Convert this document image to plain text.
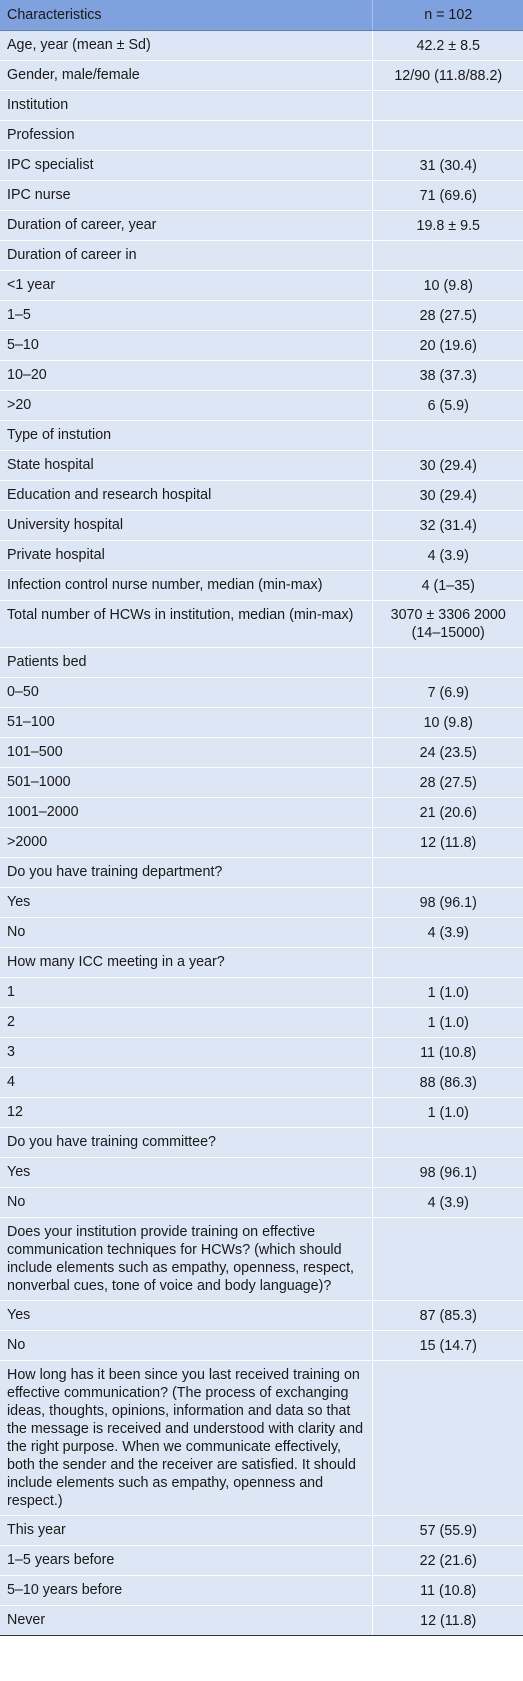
Characteristics	n = 102
Age, year (mean ± Sd)	42.2 ± 8.5
Gender, male/female	12/90 (11.8/88.2)
Institution	
Profession	
IPC specialist	31 (30.4)
IPC nurse	71 (69.6)
Duration of career, year	19.8 ± 9.5
Duration of career in	
<1 year	10 (9.8)
1–5	28 (27.5)
5–10	20 (19.6)
10–20	38 (37.3)
>20	6 (5.9)
Type of instution	
State hospital	30 (29.4)
Education and research hospital	30 (29.4)
University hospital	32 (31.4)
Private hospital	4 (3.9)
Infection control nurse number, median (min-max)	4 (1–35)
Total number of HCWs in institution, median (min-max)	3070 ± 3306 2000 (14–15000)
Patients bed	
0–50	7 (6.9)
51–100	10 (9.8)
101–500	24 (23.5)
501–1000	28 (27.5)
1001–2000	21 (20.6)
>2000	12 (11.8)
Do you have training department?	
Yes	98 (96.1)
No	4 (3.9)
How many ICC meeting in a year?	
1	1 (1.0)
2	1 (1.0)
3	11 (10.8)
4	88 (86.3)
12	1 (1.0)
Do you have training committee?	
Yes	98 (96.1)
No	4 (3.9)
Does your institution provide training on effective communication techniques for HCWs? (which should include elements such as empathy, openness, respect, nonverbal cues, tone of voice and body language)?	
Yes	87 (85.3)
No	15 (14.7)
How long has it been since you last received training on effective communication? (The process of exchanging ideas, thoughts, opinions, information and data so that the message is received and understood with clarity and the right purpose. When we communicate effectively, both the sender and the receiver are satisfied. It should include elements such as empathy, openness and respect.)	
This year	57 (55.9)
1–5 years before	22 (21.6)
5–10 years before	11 (10.8)
Never	12 (11.8)
